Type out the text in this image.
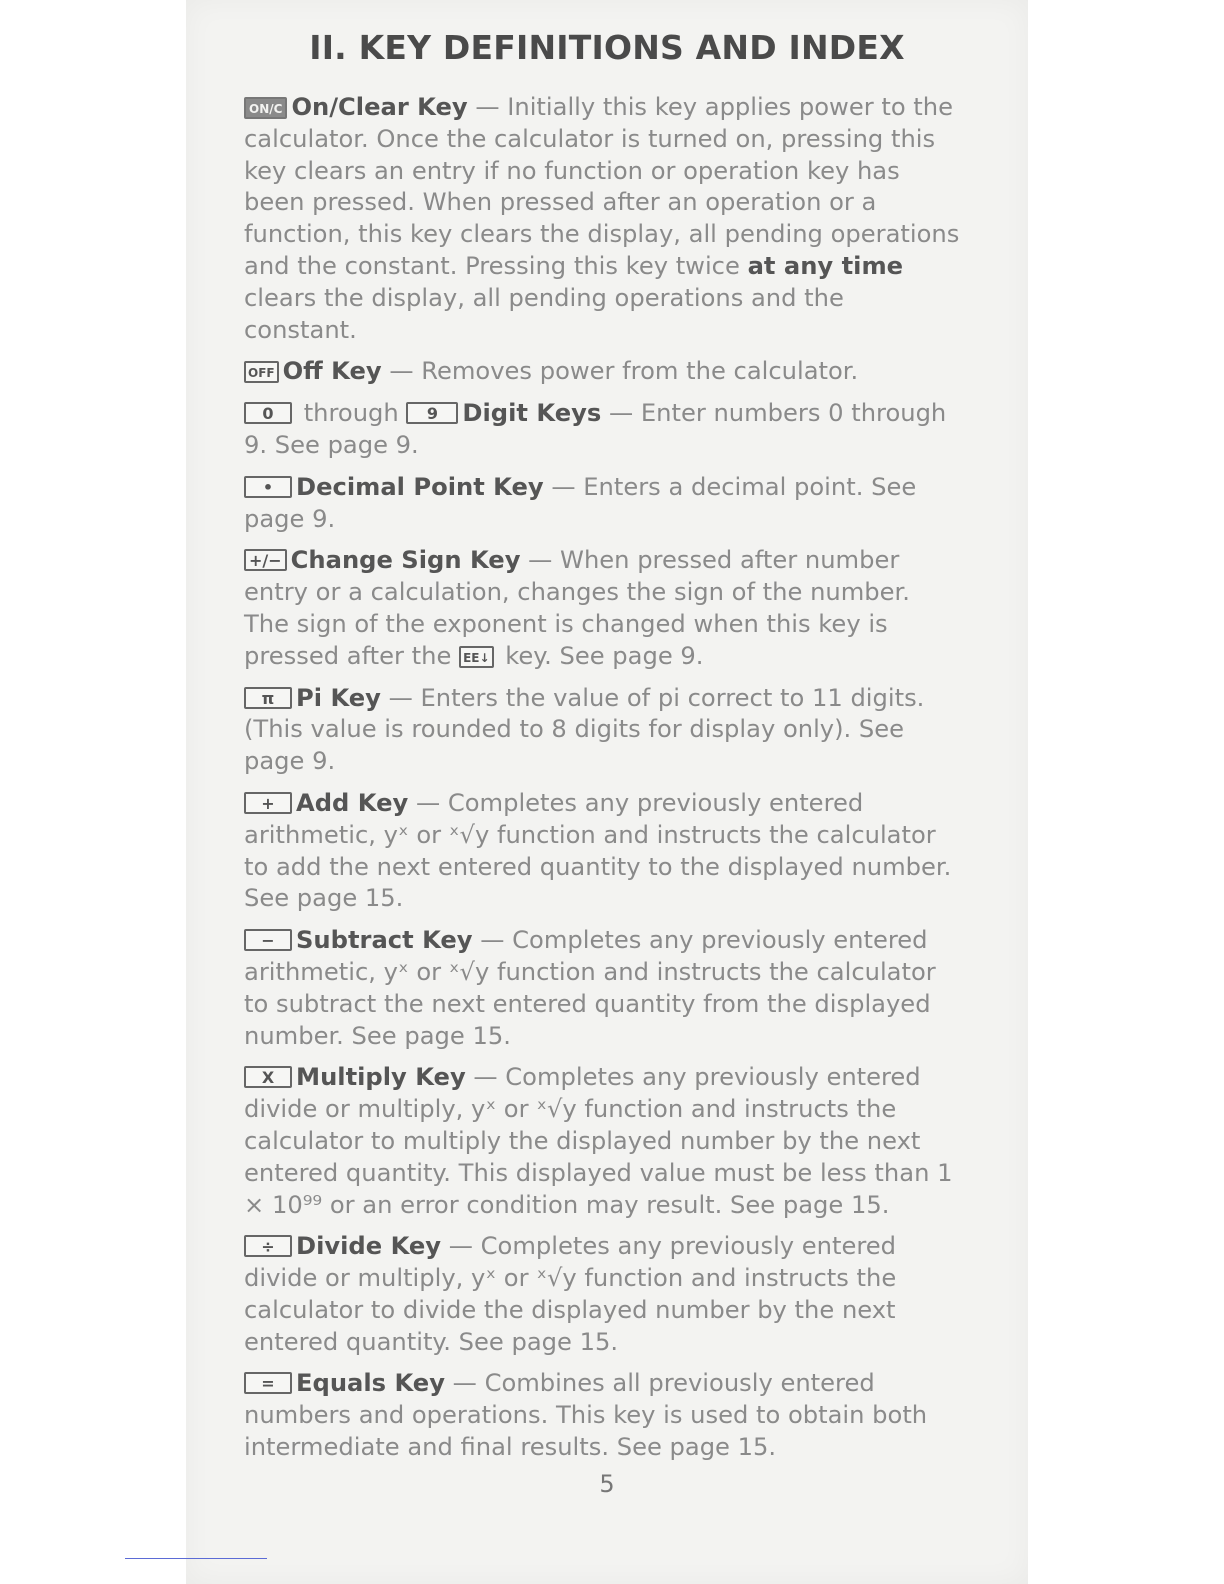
II. KEY DEFINITIONS AND INDEX

ON/C On/Clear Key — Initially this key applies power to the calculator. Once the calculator is turned on, pressing this key clears an entry if no function or operation key has been pressed. When pressed after an operation or a function, this key clears the display, all pending operations and the constant. Pressing this key twice at any time clears the display, all pending operations and the constant.

OFF Off Key — Removes power from the calculator.

0 through 9 Digit Keys — Enter numbers 0 through 9. See page 9.

• Decimal Point Key — Enters a decimal point. See page 9.

+/− Change Sign Key — When pressed after number entry or a calculation, changes the sign of the number. The sign of the exponent is changed when this key is pressed after the EE↓ key. See page 9.

π Pi Key — Enters the value of pi correct to 11 digits. (This value is rounded to 8 digits for display only). See page 9.

+ Add Key — Completes any previously entered arithmetic, yˣ or ˣ√y function and instructs the calculator to add the next entered quantity to the displayed number. See page 15.

− Subtract Key — Completes any previously entered arithmetic, yˣ or ˣ√y function and instructs the calculator to subtract the next entered quantity from the displayed number. See page 15.

X Multiply Key — Completes any previously entered divide or multiply, yˣ or ˣ√y function and instructs the calculator to multiply the displayed number by the next entered quantity. This displayed value must be less than 1 × 10⁹⁹ or an error condition may result. See page 15.

÷ Divide Key — Completes any previously entered divide or multiply, yˣ or ˣ√y function and instructs the calculator to divide the displayed number by the next entered quantity. See page 15.

= Equals Key — Combines all previously entered numbers and operations. This key is used to obtain both intermediate and final results. See page 15.

5
